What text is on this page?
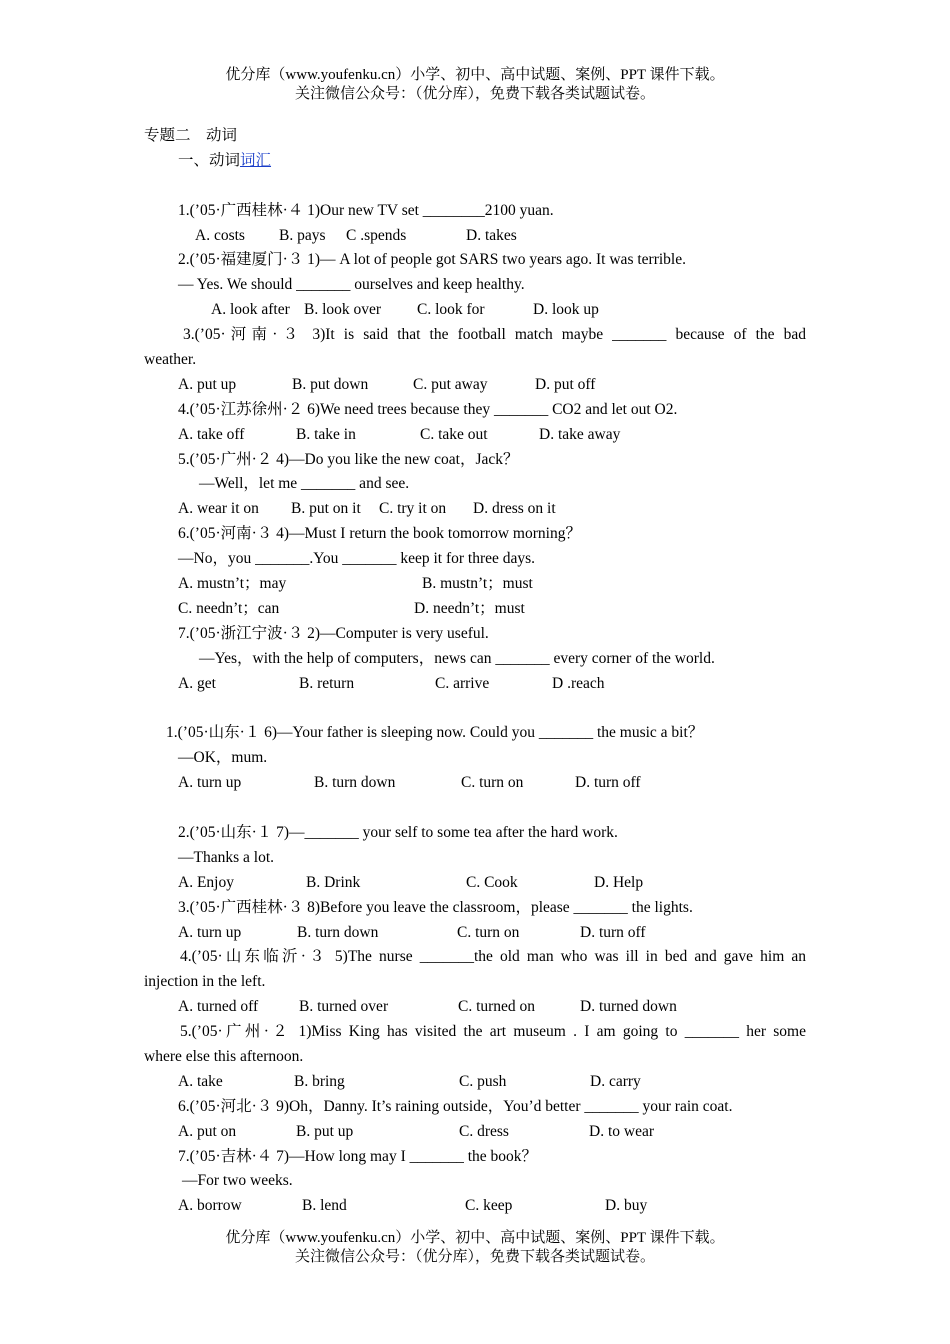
优分库（www.youfenku.cn）小学、初中、高中试题、案例、PPT 课件下载。
关注微信公众号：（优分库），免费下载各类试题试卷。
专题二　动词
一、动词词汇
1.(’05·广西桂林·４ 1)Our new TV set ________2100 yuan.
A. costs B. pays C .spends	D. takes
2.(’05·福建厦门·３ 1)— A lot of people got SARS two years ago. It was terrible.
— Yes. We should _______ ourselves and keep healthy.
A. look after B. look over C. look for	D. look up
3.(’05·河南·３ 3)It is said that the football match maybe _______ because of the bad
weather.
A. put up	B. put down	C. put away	D. put off
4.(’05·江苏徐州·２ 6)We need trees because they _______ CO2 and let out O2.
A. take off	B. take in	C. take out	D. take away
5.(’05·广州·２ 4)—Do you like the new coat，Jack？
—Well，let me _______ and see.
A. wear it on B. put on it C. try it on D. dress on it
6.(’05·河南·３ 4)—Must I return the book tomorrow morning？
—No，you _______.You _______ keep it for three days.
A. mustn’t；may	B. mustn’t；must
C. needn’t；can	D. needn’t；must
7.(’05·浙江宁波·３ 2)—Computer is very useful.
—Yes，with the help of computers，news can _______ every corner of the world.
A. get	B. return	C. arrive	D .reach
1.(’05·山东·１ 6)—Your father is sleeping now. Could you _______ the music a bit？
—OK，mum.
A. turn up	B. turn down	C. turn on	D. turn off
2.(’05·山东·１ 7)—_______ your self to some tea after the hard work.
—Thanks a lot.
A. Enjoy	B. Drink	C. Cook	D. Help
3.(’05·广西桂林·３ 8)Before you leave the classroom，please _______ the lights.
A. turn up	B. turn down	C. turn on	D. turn off
4.(’05·山东临沂·３ 5)The nurse _______the old man who was ill in bed and gave him an
injection in the left.
A. turned off	B. turned over	C. turned on	D. turned down
5.(’05·广州·２ 1)Miss King has visited the art museum . I am going to _______ her some
where else this afternoon.
A. take	B. bring	C. push	D. carry
6.(’05·河北·３ 9)Oh，Danny. It’s raining outside，You’d better _______ your rain coat.
A. put on	B. put up	C. dress	D. to wear
7.(’05·吉林·４ 7)—How long may I _______ the book？
—For two weeks.
A. borrow	B. lend	C. keep	D. buy
优分库（www.youfenku.cn）小学、初中、高中试题、案例、PPT 课件下载。
关注微信公众号：（优分库），免费下载各类试题试卷。
